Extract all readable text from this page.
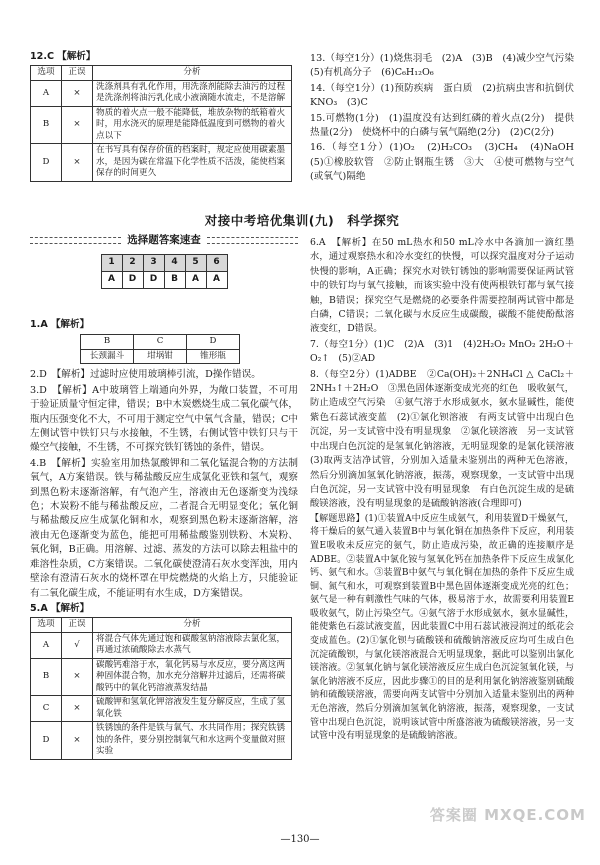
12.C 【解析】

选项	正误	分析
A	×	洗涤剂具有乳化作用，用洗涤剂能除去油污的过程是洗涤剂将油污乳化成小液滴随水流走，不是溶解
B	×	物质的着火点一般不能降低，堆放杂物的纸箱着火时，用水浇灭的原理是能降低温度到可燃物的着火点以下
D	×	在书写具有保存价值的档案时，规定应使用碳素墨水，是因为碳在常温下化学性质不活泼，能使档案保存的时间更久

13.（每空1分）(1)烧焦羽毛　(2)A　(3)B　(4)减少空气污染　(5)有机高分子　(6)C₆H₁₂O₆

14.（每空1分）(1)预防疾病　蛋白质　(2)抗病虫害和抗倒伏　KNO₃　(3)C

15.可燃物(1分)　(1)温度没有达到红磷的着火点(2分)　提供热量(2分)　使烧杯中的白磷与氧气隔绝(2分)　(2)C(2分)

16.（每空1分）(1)O₂　(2)H₂CO₃　(3)CH₄　(4)NaOH　(5)①橡胶软管　②防止钢瓶生锈　③大　④使可燃物与空气(或氧气)隔绝

对接中考培优集训(九)　科学探究
选择题答案速查
1	2	3	4	5	6
A	D	D	B	A	A

1.A 【解析】

B	C	D
长颈漏斗	坩埚钳	锥形瓶

2.D　【解析】过滤时应使用玻璃棒引流，D操作错误。

3.D　【解析】A中玻璃管上端通向外界，为敞口装置，不可用于验证质量守恒定律，错误；B中木炭燃烧生成二氧化碳气体，瓶内压强变化不大，不可用于测定空气中氧气含量，错误；C中左侧试管中铁钉只与水接触，不生锈，右侧试管中铁钉只与干燥空气接触，不生锈，不可探究铁钉锈蚀的条件，错误。

4.B　【解析】实验室用加热氯酸钾和二氧化锰混合物的方法制氧气，A方案错误。铁与稀盐酸反应生成氯化亚铁和氢气，观察到黑色粉末逐渐溶解，有气泡产生，溶液由无色逐渐变为浅绿色；木炭粉不能与稀盐酸反应，二者混合无明显变化；氧化铜与稀盐酸反应生成氯化铜和水，观察到黑色粉末逐渐溶解，溶液由无色逐渐变为蓝色，能把可用稀盐酸鉴别铁粉、木炭粉、氧化铜，B正确。用溶解、过滤、蒸发的方法可以除去粗盐中的难溶性杂质，C方案错误。二氧化碳使澄清石灰水变浑浊，用内壁涂有澄清石灰水的烧杯罩在甲烷燃烧的火焰上方，只能验证有二氧化碳生成，不能证明有水生成，D方案错误。

5.A 【解析】

选项	正误	分析
A	√	将混合气体先通过饱和碳酸氢钠溶液除去氯化氢，再通过浓硫酸除去水蒸气
B	×	碳酸钙难溶于水，氧化钙易与水反应，要分离这两种固体混合物，加水充分溶解并过滤后，还需将碳酸钙中的氧化钙溶液蒸发结晶
C	×	硫酸钾和氢氧化钾溶液发生复分解反应，生成了氢氧化铁
D	×	铁锈蚀的条件是铁与氧气、水共同作用；探究铁锈蚀的条件，要分别控制氧气和水这两个变量做对照实验

6.A　【解析】在50 mL热水和50 mL冷水中各滴加一滴红墨水，通过观察热水和冷水变红的快慢，可以探究温度对分子运动快慢的影响，A正确；探究水对铁钉锈蚀的影响需要保证两试管中的铁钉均与氧气接触，而该实验中没有使两根铁钉都与氧气接触，B错误；探究空气是燃烧的必要条件需要控制两试管中都是白磷，C错误；二氧化碳与水反应生成碳酸，碳酸不能使酚酞溶液变红，D错误。

7.（每空1分）(1)C　(2)A　(3)1　(4)2H₂O₂ MnO₂ 2H₂O＋O₂↑　(5)②AD

8.（每空2分）(1)ADBE　②Ca(OH)₂＋2NH₄Cl △ CaCl₂＋2NH₃↑＋2H₂O　③黑色固体逐渐变成光亮的红色　吸收氨气，防止造成空气污染　④氨气溶于水形成氨水，氨水显碱性，能使紫色石蕊试液变蓝　(2)①氯化钡溶液　有两支试管中出现白色沉淀，另一支试管中没有明显现象　②氯化镁溶液　另一支试管中出现白色沉淀的是氢氧化钠溶液，无明显现象的是氯化镁溶液　(3)取两支洁净试管，分别加入适量未鉴别出的两种无色溶液，然后分别滴加氢氧化钠溶液，振荡，观察现象，一支试管中出现白色沉淀，另一支试管中没有明显现象　有白色沉淀生成的是硫酸镁溶液，没有明显现象的是硫酸钠溶液(合理即可)

【解题思路】(1)①装置A中反应生成氨气，利用装置D干燥氨气，将干燥后的氨气通入装置B中与氧化铜在加热条件下反应，利用装置E吸收未反应完的氨气，防止造成污染，故正确的连接顺序是ADBE。②装置A中氯化铵与氢氧化钙在加热条件下反应生成氯化钙、氨气和水。③装置B中氨气与氧化铜在加热的条件下反应生成铜、氮气和水，可观察到装置B中黑色固体逐渐变成光亮的红色；氨气是一种有刺激性气味的气体，极易溶于水，故需要利用装置E吸收氨气，防止污染空气。④氨气溶于水形成氨水，氨水显碱性，能使紫色石蕊试液变蓝，因此装置C中用石蕊试液浸润过的纸花会变成蓝色。(2)①氯化钡与硫酸镁和硫酸钠溶液反应均可生成白色沉淀硫酸钡，与氯化镁溶液混合无明显现象，据此可以鉴别出氯化镁溶液。②氢氧化钠与氯化镁溶液反应生成白色沉淀氢氧化镁，与氯化钠溶液不反应，因此步骤①的目的是利用氯化钠溶液鉴别硫酸钠和硫酸镁溶液，需要向两支试管中分别加入适量未鉴别出的两种无色溶液，然后分别滴加氢氧化钠溶液，振荡，观察现象，一支试管中出现白色沉淀，说明该试管中所盛溶液为硫酸镁溶液，另一支试管中没有明显现象的是硫酸钠溶液。

—130—
答案圈 MXQE.COM
